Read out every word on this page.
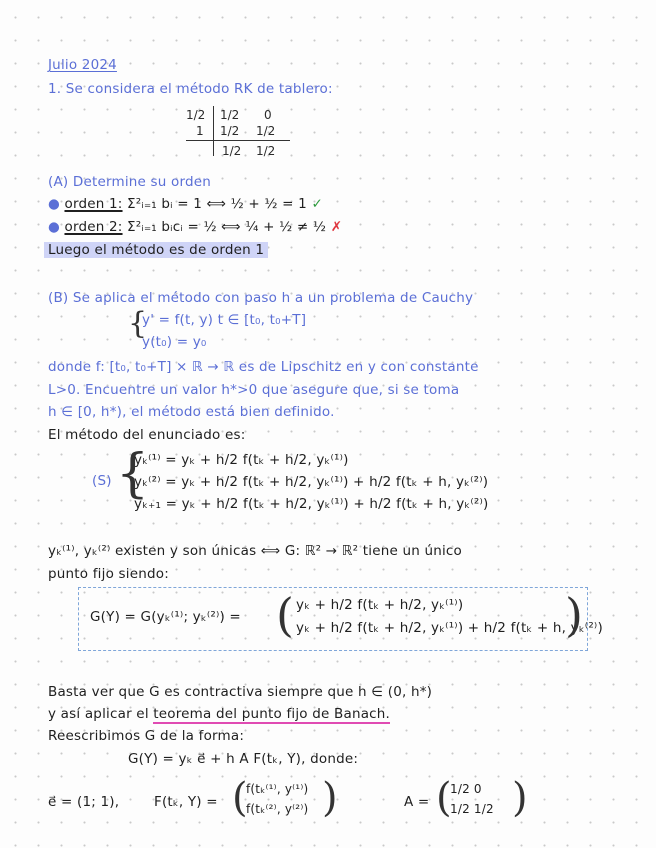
Julio 2024
1. Se considera el método RK de tablero:
1/2
1
1/2 0
1/2 1/2
1/2 1/2
(A) Determine su orden
● orden 1: Σ²ᵢ₌₁ bᵢ = 1 ⟺ ½ + ½ = 1 ✓
● orden 2: Σ²ᵢ₌₁ bᵢcᵢ = ½ ⟺ ¼ + ½ ≠ ½ ✗
Luego el método es de orden 1
(B) Se aplica el método con paso h a un problema de Cauchy
{
y' = f(t, y) t ∈ [t₀, t₀+T]
y(t₀) = y₀
donde f: [t₀, t₀+T] × ℝ → ℝ es de Lipschitz en y con constante
L>0. Encuentre un valor h*>0 que asegure que, si se toma
h ∈ [0, h*), el método está bien definido.
El método del enunciado es:
(S) {
yₖ⁽¹⁾ = yₖ + h/2 f(tₖ + h/2, yₖ⁽¹⁾)
yₖ⁽²⁾ = yₖ + h/2 f(tₖ + h/2, yₖ⁽¹⁾) + h/2 f(tₖ + h, yₖ⁽²⁾)
yₖ₊₁ = yₖ + h/2 f(tₖ + h/2, yₖ⁽¹⁾) + h/2 f(tₖ + h, yₖ⁽²⁾)
yₖ⁽¹⁾, yₖ⁽²⁾ existen y son únicas ⟺ G: ℝ² → ℝ² tiene un único
punto fijo siendo:
G(Y) = G(yₖ⁽¹⁾; yₖ⁽²⁾) = ( yₖ + h/2 f(tₖ + h/2, yₖ⁽¹⁾)
yₖ + h/2 f(tₖ + h/2, yₖ⁽¹⁾) + h/2 f(tₖ + h, yₖ⁽²⁾)
)
Basta ver que G es contractiva siempre que h ∈ (0, h*)
y así aplicar el teorema del punto fijo de Banach.
Reescribimos G de la forma:
G(Y) = yₖ e⃗ + h A F(tₖ, Y), donde:
e⃗ = (1; 1),	F(tₖ, Y) = (
f(tₖ⁽¹⁾, y⁽¹⁾)
f(tₖ⁽²⁾, y⁽²⁾) )	A = (
1/2 0
1/2 1/2 )
